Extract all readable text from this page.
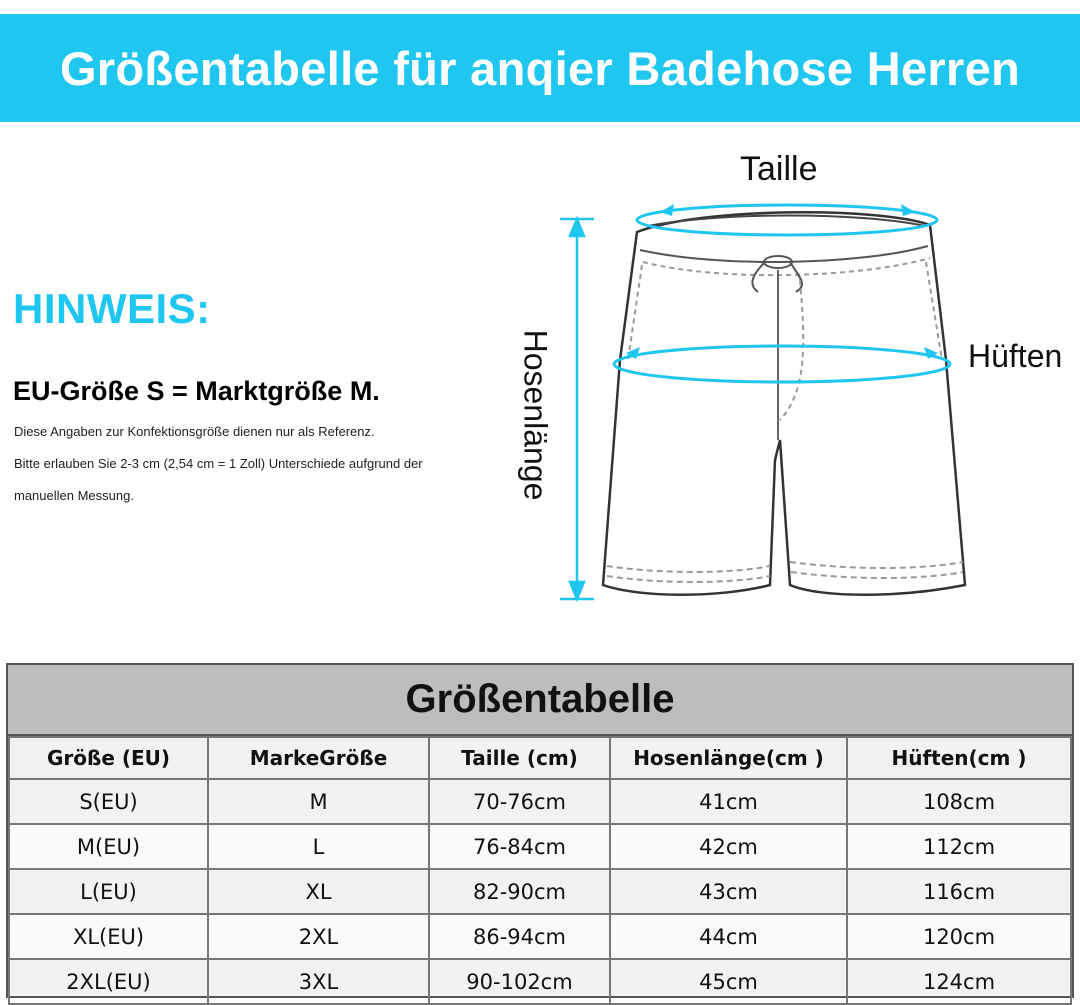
Größentabelle für anqier Badehose Herren
HINWEIS:
EU-Größe S = Marktgröße M.
Diese Angaben zur Konfektionsgröße dienen nur als Referenz.
Bitte erlauben Sie 2-3 cm (2,54 cm = 1 Zoll) Unterschiede aufgrund der
manuellen Messung.
Taille
Hüften
Hosenlänge
Größentabelle
Größe (EU)	MarkeGröße	Taille (cm)	Hosenlänge(cm )	Hüften(cm )
S(EU)	M	70-76cm	41cm	108cm
M(EU)	L	76-84cm	42cm	112cm
L(EU)	XL	82-90cm	43cm	116cm
XL(EU)	2XL	86-94cm	44cm	120cm
2XL(EU)	3XL	90-102cm	45cm	124cm
